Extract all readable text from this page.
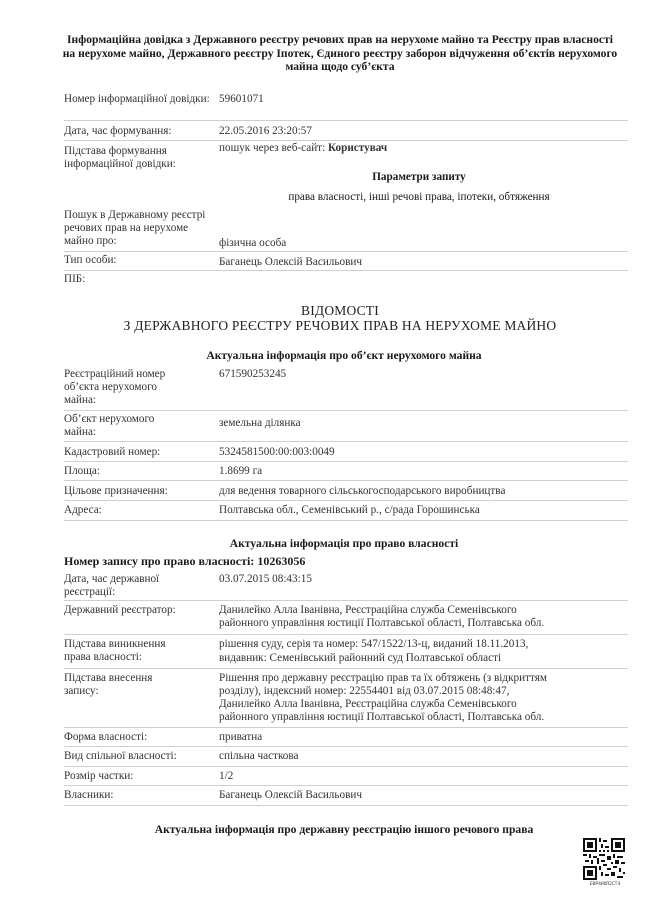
Інформаційна довідка з Державного реєстру речових прав на нерухоме майно та Реєстру прав власності на нерухоме майно, Державного реєстру Іпотек, Єдиного реєстру заборон відчуження об’єктів нерухомого майна щодо суб’єкта
Номер інформаційної довідки: 59601071
Дата, час формування:	22.05.2016 23:20:57
Підстава формування інформаційної довідки:
пошук через веб-сайт: Користувач
Параметри запиту
права власності, інші речові права, іпотеки, обтяження
Пошук в Державному реєстрі речових прав на нерухоме майно про:	фізична особа
Тип особи:	Баганець Олексій Васильович
ПІБ:
ВІДОМОСТІ
З ДЕРЖАВНОГО РЕЄСТРУ РЕЧОВИХ ПРАВ НА НЕРУХОМЕ МАЙНО
Актуальна інформація про об’єкт нерухомого майна
Реєстраційний номер об’єкта нерухомого майна:
671590253245
Об’єкт нерухомого майна:
земельна ділянка
Кадастровий номер:	5324581500:00:003:0049
Площа:	1.8699 га
Цільове призначення:	для ведення товарного сільськогосподарського виробництва
Адреса:	Полтавська обл., Семенівський р., с/рада Горошинська
Актуальна інформація про право власності
Номер запису про право власності: 10263056
Дата, час державної реєстрації:
03.07.2015 08:43:15
Державний реєстратор:	Данилейко Алла Іванівна, Реєстраційна служба Семенівського
районного управління юстиції Полтавської області, Полтавська обл.
Підстава виникнення права власності:
рішення суду, серія та номер: 547/1522/13-ц, виданий 18.11.2013,
видавник: Семенівський районний суд Полтавської області
Підстава внесення запису:
Рішення про державну реєстрацію прав та їх обтяжень (з відкриттям
розділу), індексний номер: 22554401 від 03.07.2015 08:48:47,
Данилейко Алла Іванівна, Реєстраційна служба Семенівського
районного управління юстиції Полтавської області, Полтавська обл.
Форма власності:	приватна
Вид спільної власності:	спільна часткова
Розмір частки:	1/2
Власники:	Баганець Олексій Васильович
Актуальна інформація про державну реєстрацію іншого речового права
ЕВР4НОП2СТ4
